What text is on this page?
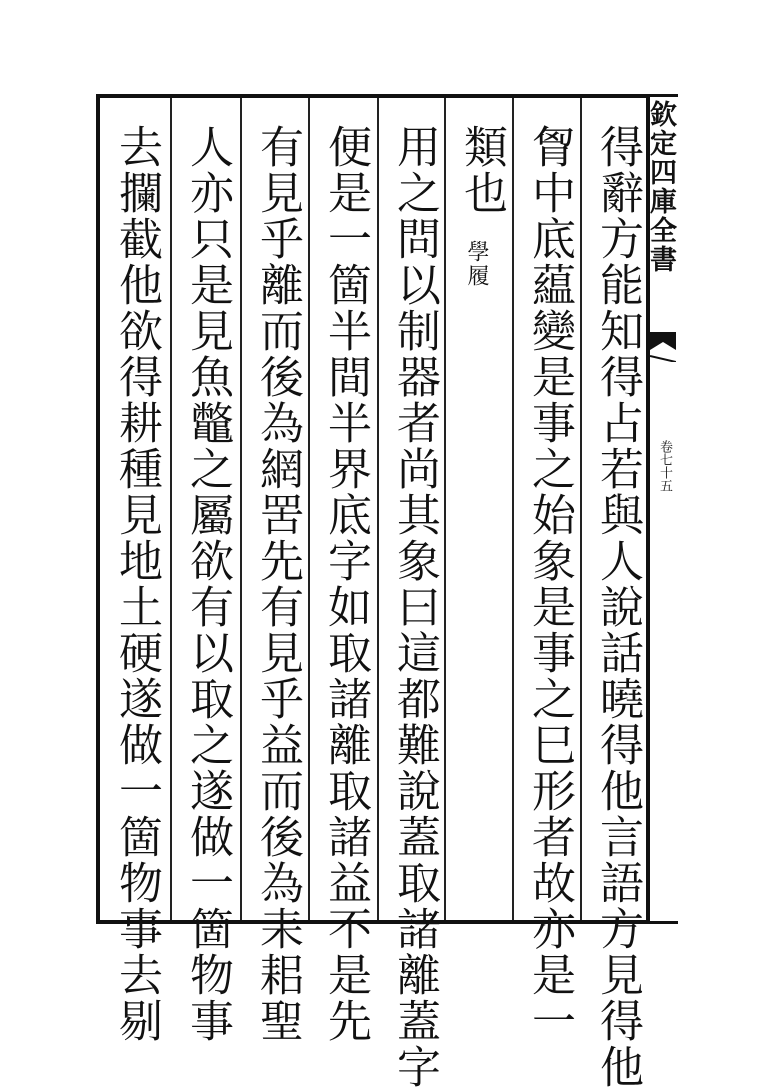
欽定四庫全書
卷七十五
得辭方能知得占若與人說話曉得他言語方見得他
胷中底藴變是事之始象是事之巳形者故亦是一
類也
學履
用之問以制器者尚其象曰這都難說蓋取諸離蓋字
便是一箇半間半界底字如取諸離取諸益不是先
有見乎離而後為網罟先有見乎益而後為耒耜聖
人亦只是見魚鼈之屬欲有以取之遂做一箇物事
去攔截他欲得耕種見地土硬遂做一箇物事去剔
